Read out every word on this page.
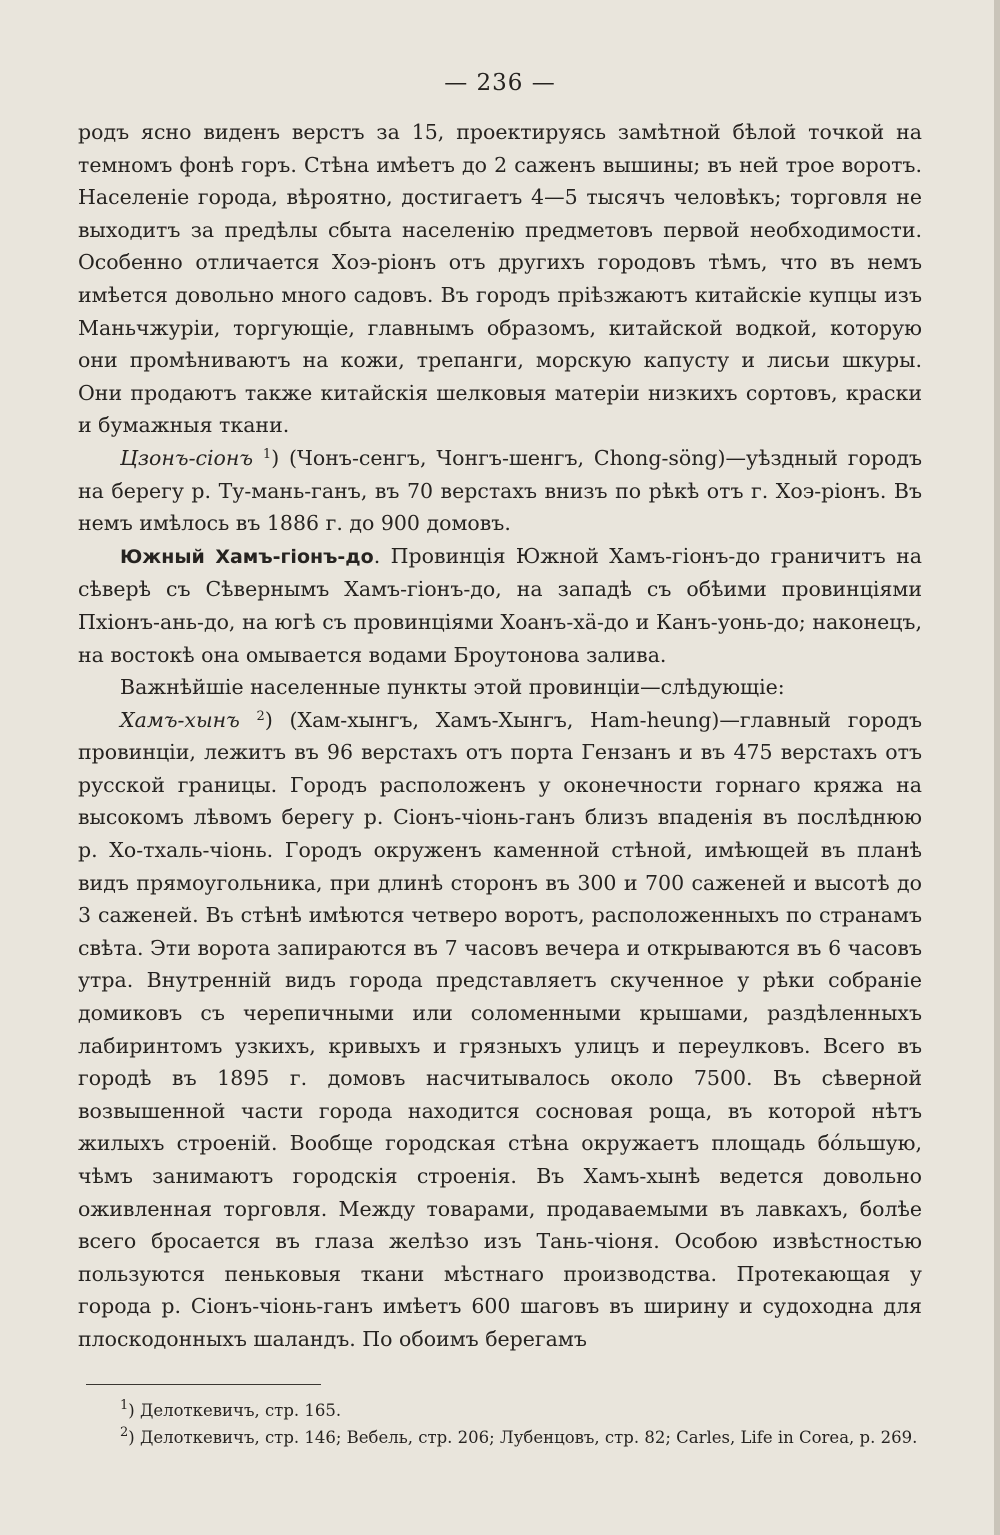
— 236 —

родъ ясно виденъ верстъ за 15, проектируясь замѣтной бѣлой точкой на темномъ фонѣ горъ. Стѣна имѣетъ до 2 саженъ вышины; въ ней трое воротъ. Населеніе города, вѣроятно, достигаетъ 4—5 тысячъ человѣкъ; торговля не выходитъ за предѣлы сбыта населенію предметовъ первой необходимости. Особенно отличается Хоэ-ріонъ отъ другихъ городовъ тѣмъ, что въ немъ имѣется довольно много садовъ. Въ городъ пріѣзжаютъ китайскіе купцы изъ Маньчжуріи, торгующіе, главнымъ образомъ, китайской водкой, которую они промѣниваютъ на кожи, трепанги, морскую капусту и лисьи шкуры. Они продаютъ также китайскія шелковыя матеріи низкихъ сортовъ, краски и бумажныя ткани.

Цзонъ-сіонъ $^1$) (Чонъ-сенгъ, Чонгъ-шенгъ, Chong-söng)—уѣздный городъ на берегу р. Ту-мань-ганъ, въ 70 верстахъ внизъ по рѣкѣ отъ г. Хоэ-ріонъ. Въ немъ имѣлось въ 1886 г. до 900 домовъ.

Южный Хамъ-гіонъ-до. Провинція Южной Хамъ-гіонъ-до граничитъ на сѣверѣ съ Сѣвернымъ Хамъ-гіонъ-до, на западѣ съ обѣими провинціями Пхіонъ-ань-до, на югѣ съ провинціями Хоанъ-хä-до и Канъ-уонь-до; наконецъ, на востокѣ она омывается водами Броутонова залива.

Важнѣйшіе населенные пункты этой провинціи—слѣдующіе:

Хамъ-хынъ $^2$) (Хам-хынгъ, Хамъ-Хынгъ, Ham-heung)—главный городъ провинціи, лежитъ въ 96 верстахъ отъ порта Гензанъ и въ 475 верстахъ отъ русской границы. Городъ расположенъ у оконечности горнаго кряжа на высокомъ лѣвомъ берегу р. Сіонъ-чіонь-ганъ близъ впаденія въ послѣднюю р. Хо-тхаль-чіонь. Городъ окруженъ каменной стѣной, имѣющей въ планѣ видъ прямоугольника, при длинѣ сторонъ въ 300 и 700 саженей и высотѣ до 3 саженей. Въ стѣнѣ имѣются четверо воротъ, расположенныхъ по странамъ свѣта. Эти ворота запираются въ 7 часовъ вечера и открываются въ 6 часовъ утра. Внутренній видъ города представляетъ скученное у рѣки собраніе домиковъ съ черепичными или соломенными крышами, раздѣленныхъ лабиринтомъ узкихъ, кривыхъ и грязныхъ улицъ и переулковъ. Всего въ городѣ въ 1895 г. домовъ насчитывалось около 7500. Въ сѣверной возвышенной части города находится сосновая роща, въ которой нѣтъ жилыхъ строеній. Вообще городская стѣна окружаетъ площадь бóльшую, чѣмъ занимаютъ городскія строенія. Въ Хамъ-хынѣ ведется довольно оживленная торговля. Между товарами, продаваемыми въ лавкахъ, болѣе всего бросается въ глаза желѣзо изъ Тань-чіоня. Особою извѣстностью пользуются пеньковыя ткани мѣстнаго производства. Протекающая у города р. Сіонъ-чіонь-ганъ имѣетъ 600 шаговъ въ ширину и судоходна для плоскодонныхъ шаландъ. По обоимъ берегамъ

$^1$) Делоткевичъ, стр. 165.

$^2$) Делоткевичъ, стр. 146; Вебель, стр. 206; Лубенцовъ, стр. 82; Carles, Life in Corea, p. 269.
